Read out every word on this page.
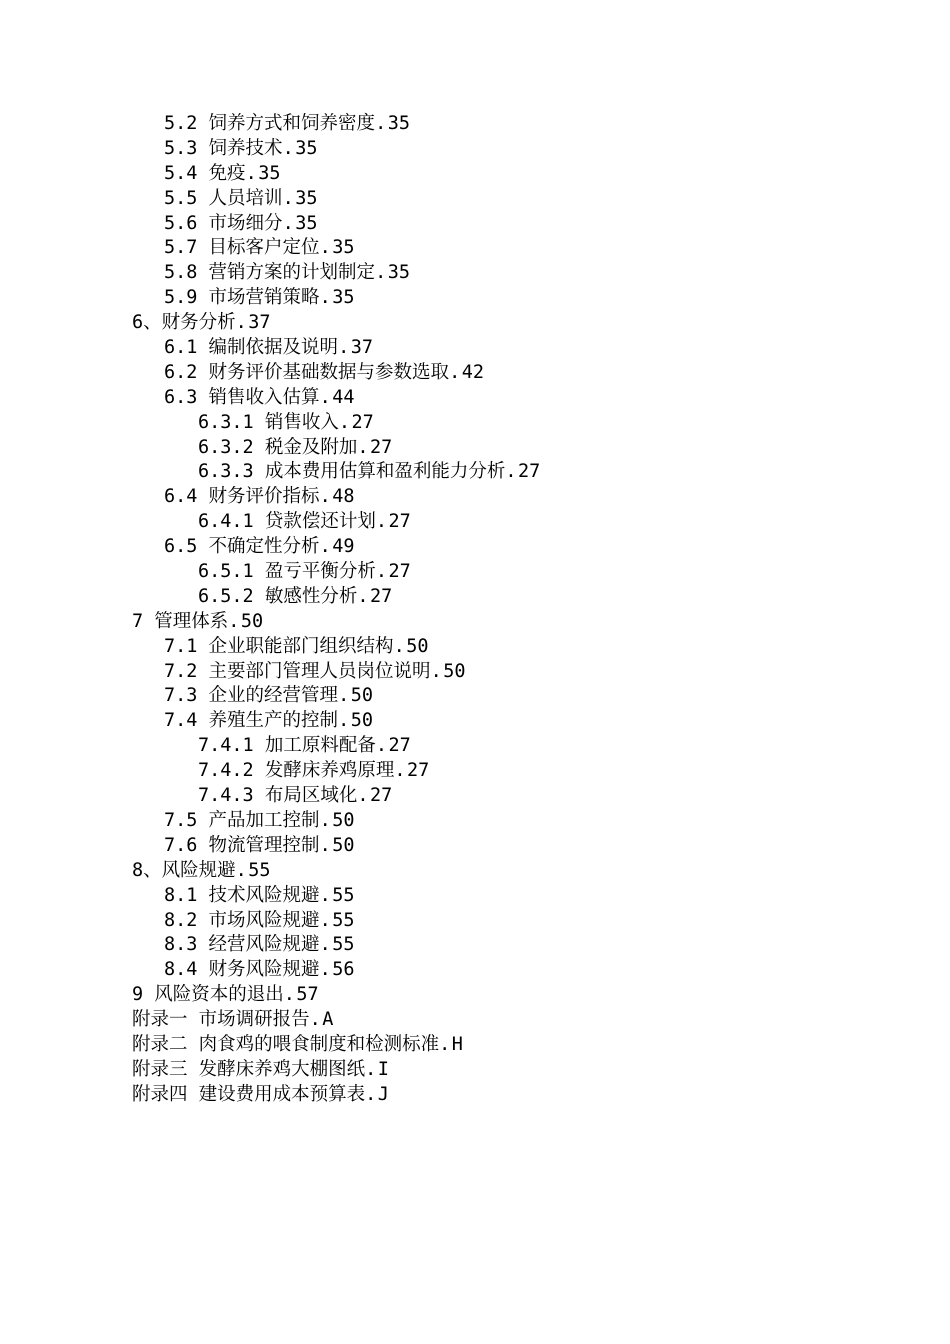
5.2 饲养方式和饲养密度.35
5.3 饲养技术.35
5.4 免疫.35
5.5 人员培训.35
5.6 市场细分.35
5.7 目标客户定位.35
5.8 营销方案的计划制定.35
5.9 市场营销策略.35
6、财务分析.37
6.1 编制依据及说明.37
6.2 财务评价基础数据与参数选取.42
6.3 销售收入估算.44
6.3.1 销售收入.27
6.3.2 税金及附加.27
6.3.3 成本费用估算和盈利能力分析.27
6.4 财务评价指标.48
6.4.1 贷款偿还计划.27
6.5 不确定性分析.49
6.5.1 盈亏平衡分析.27
6.5.2 敏感性分析.27
7 管理体系.50
7.1 企业职能部门组织结构.50
7.2 主要部门管理人员岗位说明.50
7.3 企业的经营管理.50
7.4 养殖生产的控制.50
7.4.1 加工原料配备.27
7.4.2 发酵床养鸡原理.27
7.4.3 布局区域化.27
7.5 产品加工控制.50
7.6 物流管理控制.50
8、风险规避.55
8.1 技术风险规避.55
8.2 市场风险规避.55
8.3 经营风险规避.55
8.4 财务风险规避.56
9 风险资本的退出.57
附录一 市场调研报告.A
附录二 肉食鸡的喂食制度和检测标准.H
附录三 发酵床养鸡大棚图纸.I
附录四 建设费用成本预算表.J
